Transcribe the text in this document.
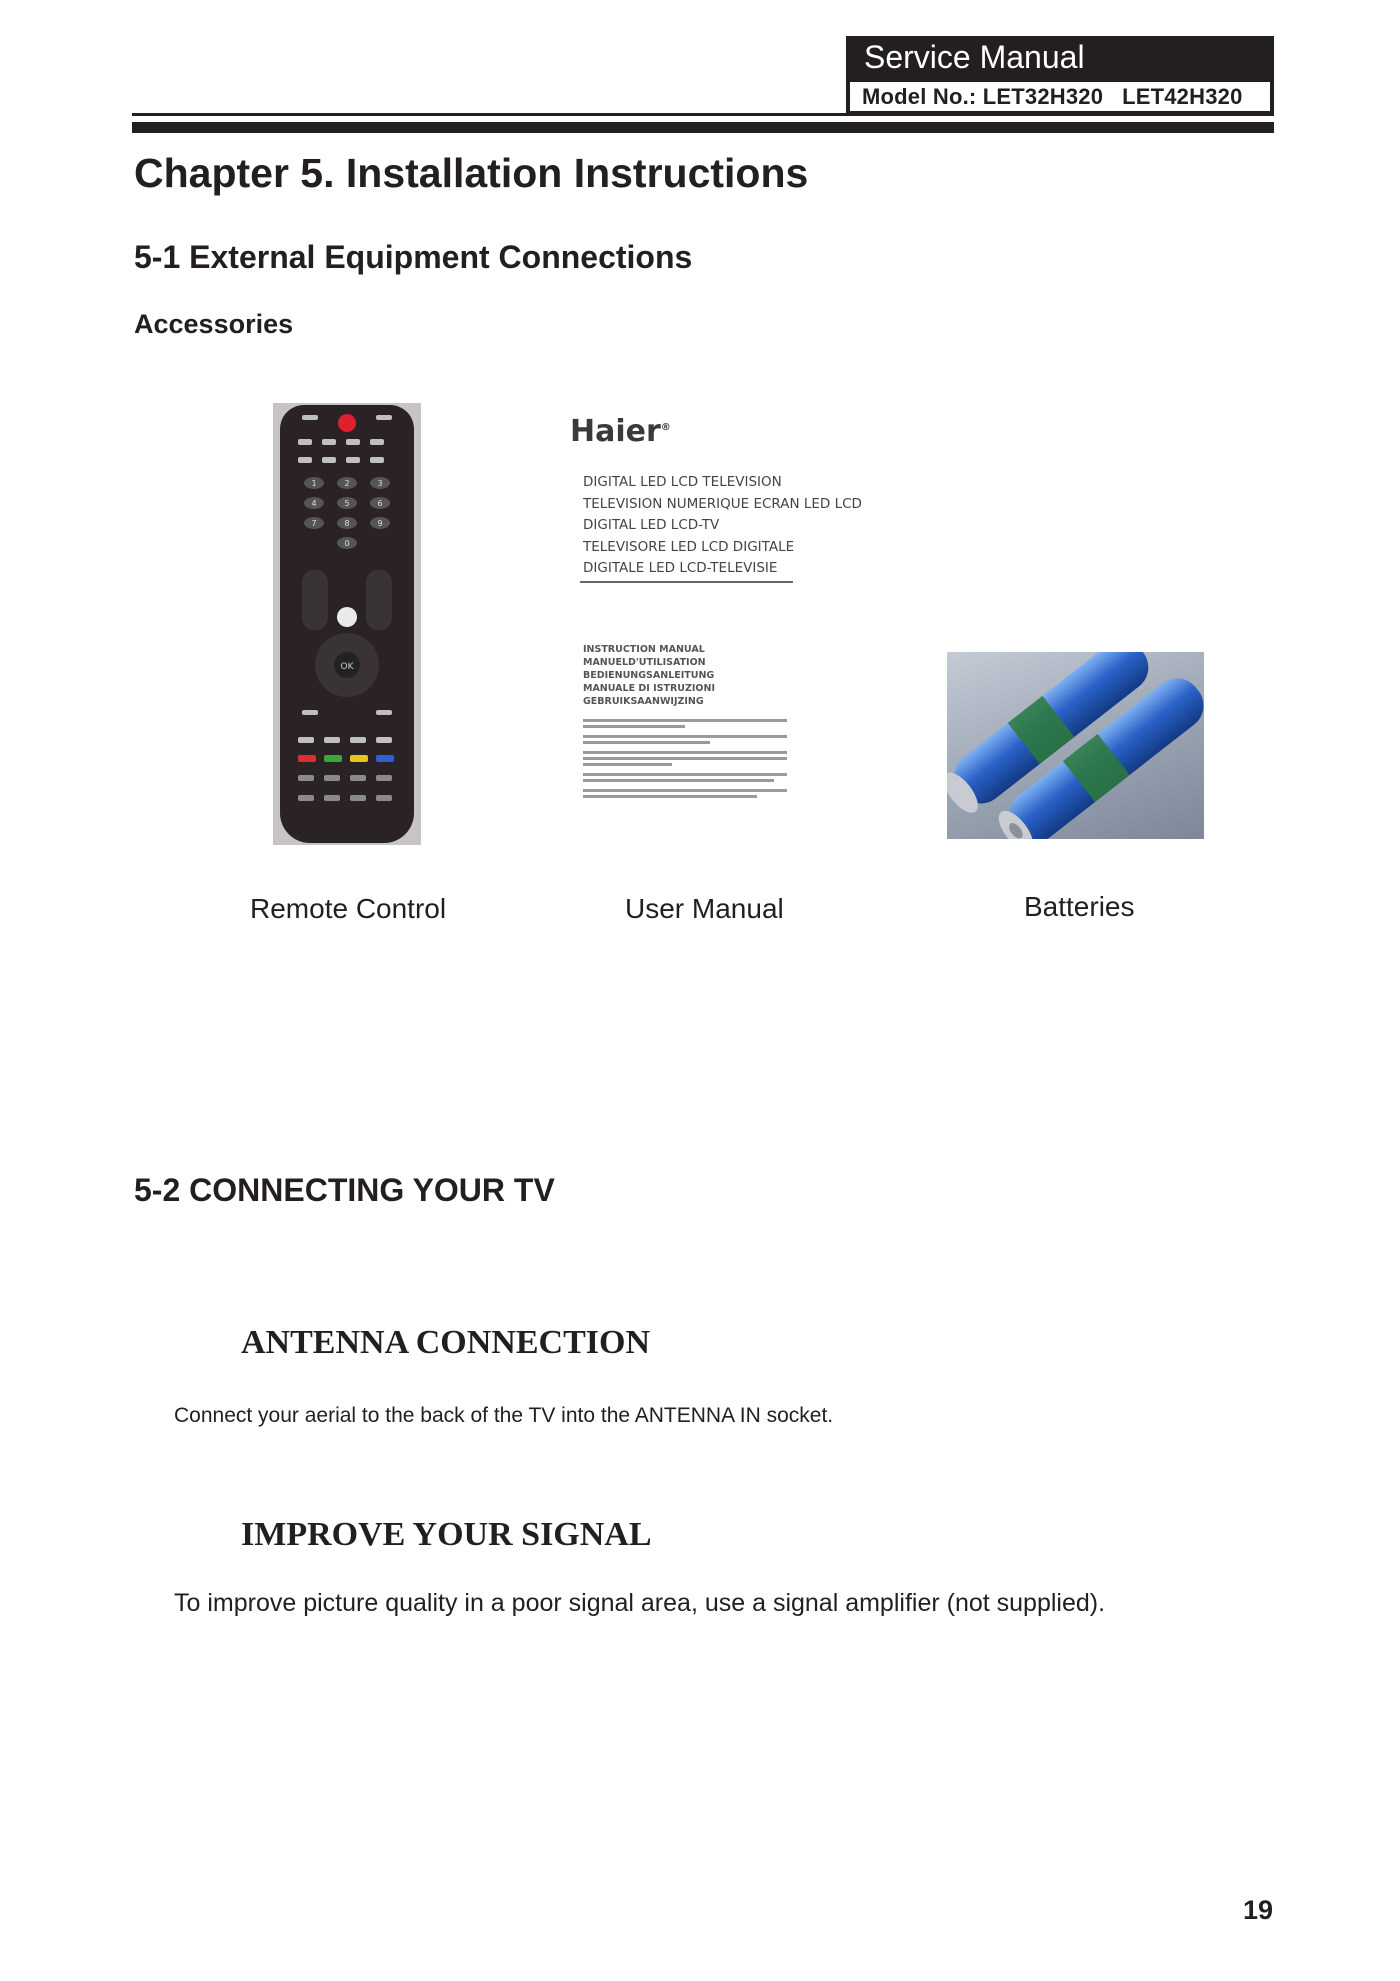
Service Manual
Model No.: LET32H320   LET42H320
Chapter 5. Installation Instructions
5-1 External Equipment Connections
Accessories
1	2	3
4	5	6
7	8	9
0
OK
Haier®
DIGITAL LED LCD TELEVISION
TELEVISION NUMERIQUE ECRAN LED LCD
DIGITAL LED LCD-TV
TELEVISORE LED LCD DIGITALE
DIGITALE LED LCD-TELEVISIE
INSTRUCTION MANUAL
MANUELD'UTILISATION
BEDIENUNGSANLEITUNG
MANUALE DI ISTRUZIONI
GEBRUIKSAANWIJZING
Remote Control	User Manual	Batteries
5-2 CONNECTING YOUR TV
ANTENNA CONNECTION
Connect your aerial to the back of the TV into the ANTENNA IN socket.
IMPROVE YOUR SIGNAL
To improve picture quality in a poor signal area, use a signal amplifier (not supplied).
19
